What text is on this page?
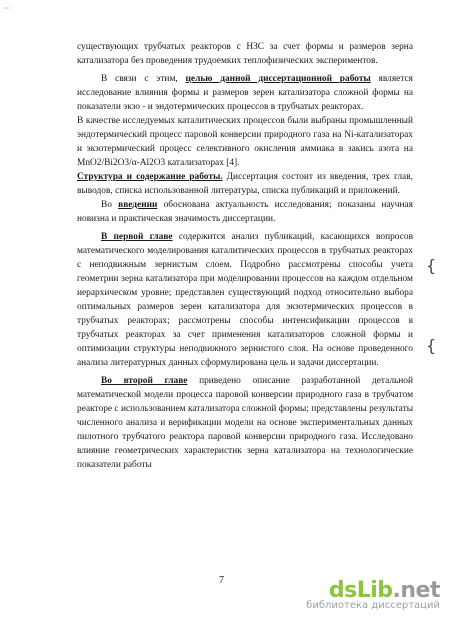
··

существующих трубчатых реакторов с НЗС за счет формы и размеров зерна катализатора без проведения трудоемких теплофизических экспериментов.

В связи с этим, целью данной диссертационной работы является исследование влияния формы и размеров зерен катализатора сложной формы на показатели экзо - и эндотермических процессов в трубчатых реакторах.

В качестве исследуемых каталитических процессов были выбраны промышленный эндотермический процесс паровой конверсии природного газа на Ni-катализаторах и экзотермический процесс селективного окисления аммиака в закись азота на MnO2/Bi2O3/α-Al2O3 катализаторах [4].

Структура и содержание работы. Диссертация состоит из введения, трех глав, выводов, списка использованной литературы, списка публикаций и приложений.

Во введении обоснована актуальность исследования; показаны научная новизна и практическая значимость диссертации.

В первой главе содержится анализ публикаций, касающихся вопросов математического моделирования каталитических процессов в трубчатых реакторах с неподвижным зернистым слоем. Подробно рассмотрены способы учета геометрии зерна катализатора при моделировании процессов на каждом отдельном иерархическом уровне; представлен существующий подход относительно выбора оптимальных размеров зерен катализатора для экзотермических процессов в трубчатых реакторах; рассмотрены способы интенсификации процессов в трубчатых реакторах за счет применения катализаторов сложной формы и оптимизации структуры неподвижного зернистого слоя. На основе проведенного анализа литературных данных сформулирована цель и задачи диссертации.

Во второй главе приведено описание разработанной детальной математической модели процесса паровой конверсии природного газа в трубчатом реакторе с использованием катализатора сложной формы; представлены результаты численного анализа и верификации модели на основе экспериментальных данных пилотного трубчатого реактора паровой конверсии природного газа. Исследовано влияние геометрических характеристик зерна катализатора на технологические показатели работы

{
{
7	dsLib.net
библиотека диссертаций
